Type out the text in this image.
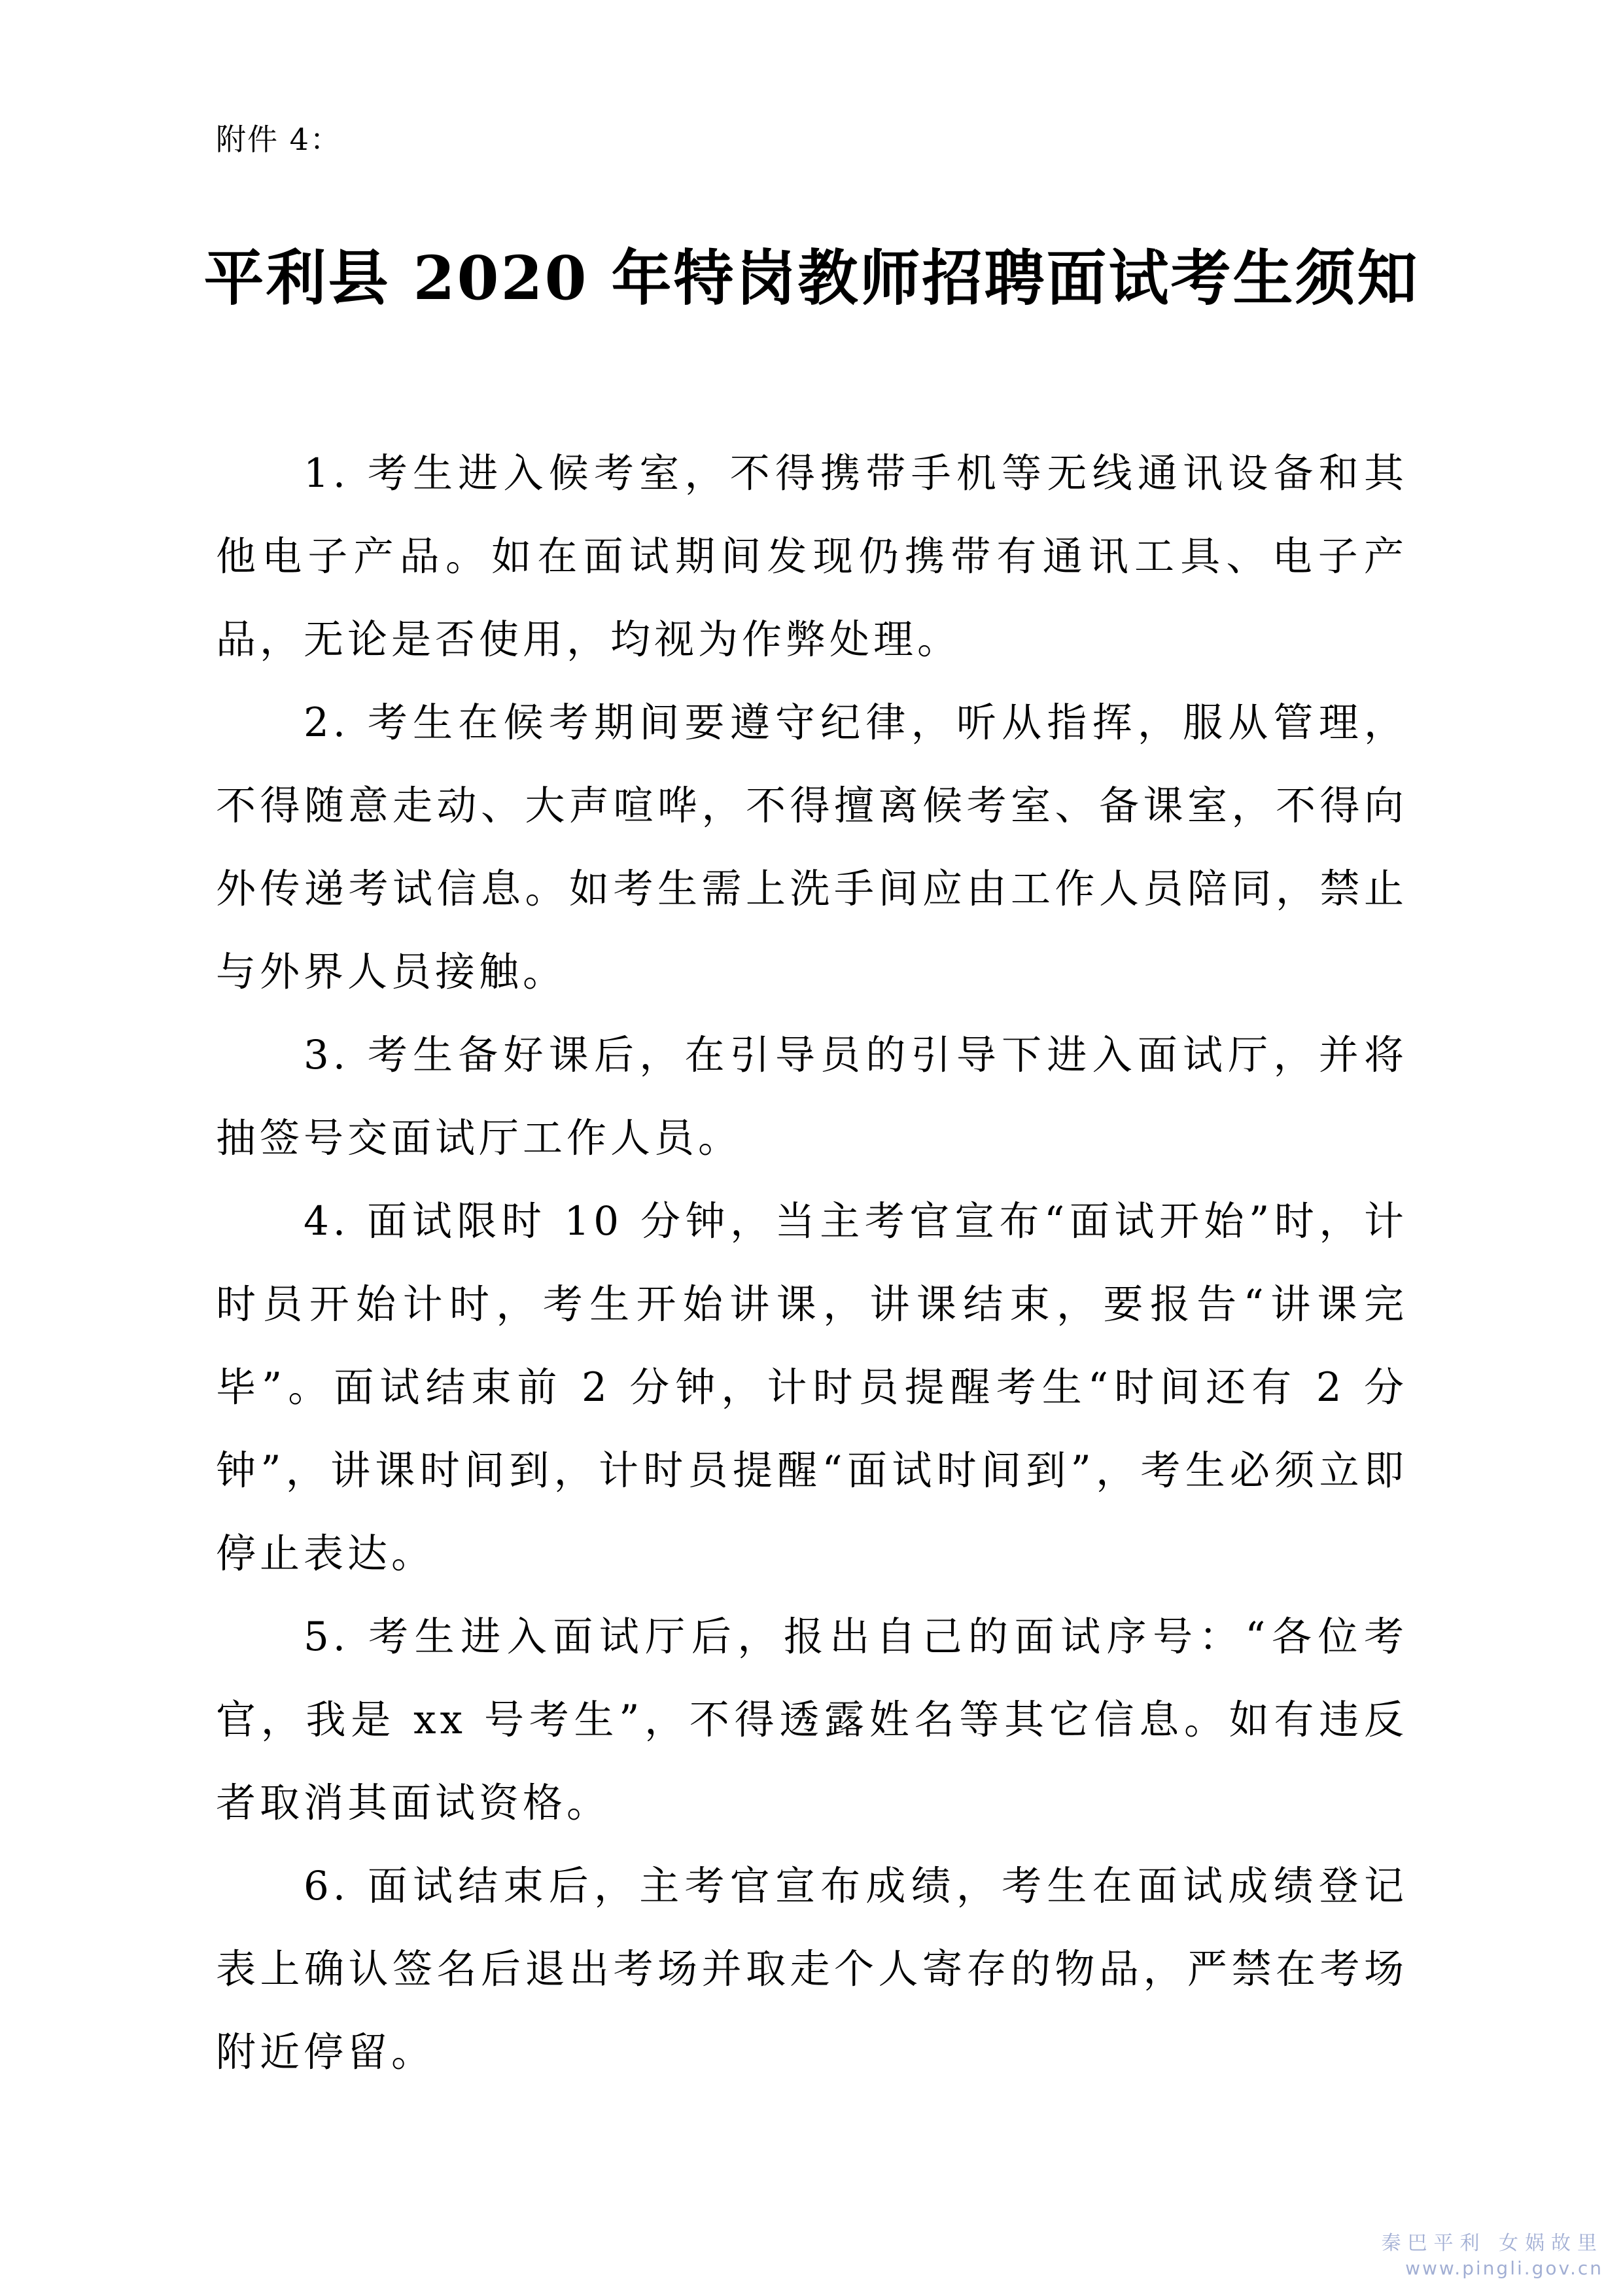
附件 4：
平利县 2020 年特岗教师招聘面试考生须知

1. 考生进入候考室，不得携带手机等无线通讯设备和其他电子产品。如在面试期间发现仍携带有通讯工具、电子产品，无论是否使用，均视为作弊处理。

2. 考生在候考期间要遵守纪律，听从指挥，服从管理，不得随意走动、大声喧哗，不得擅离候考室、备课室，不得向外传递考试信息。如考生需上洗手间应由工作人员陪同，禁止与外界人员接触。

3. 考生备好课后，在引导员的引导下进入面试厅，并将抽签号交面试厅工作人员。

4. 面试限时 10 分钟，当主考官宣布“面试开始”时，计时员开始计时，考生开始讲课，讲课结束，要报告“讲课完毕”。面试结束前 2 分钟，计时员提醒考生“时间还有 2 分钟”，讲课时间到，计时员提醒“面试时间到”，考生必须立即停止表达。

5. 考生进入面试厅后，报出自己的面试序号：“各位考官，我是 xx 号考生”，不得透露姓名等其它信息。如有违反者取消其面试资格。

6. 面试结束后，主考官宣布成绩，考生在面试成绩登记表上确认签名后退出考场并取走个人寄存的物品，严禁在考场附近停留。

秦巴平利 女娲故里
www.pingli.gov.cn
